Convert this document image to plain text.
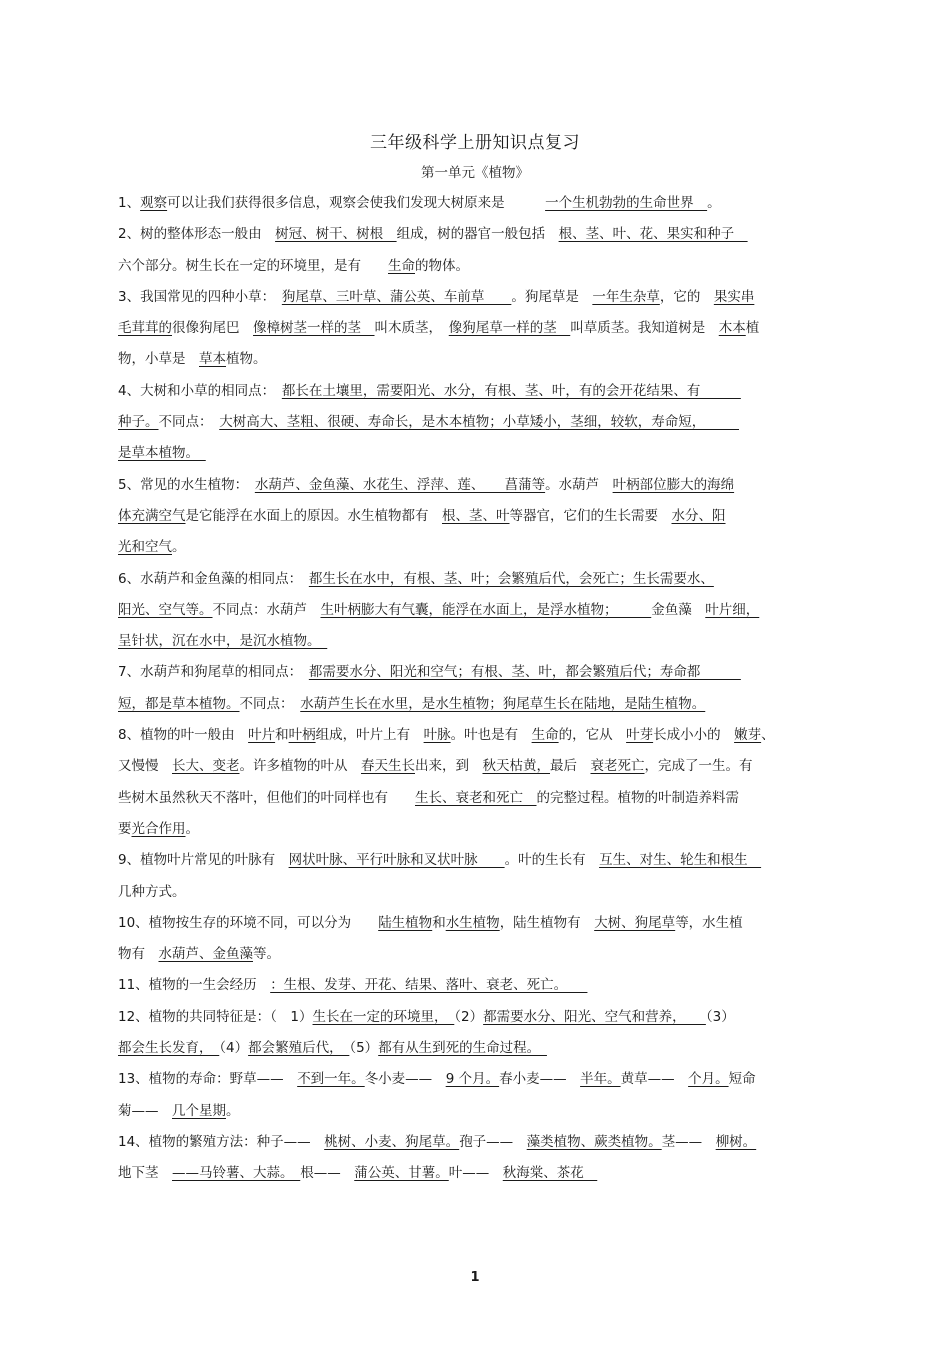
三年级科学上册知识点复习
第一单元《植物》

1、观察可以让我们获得很多信息，观察会使我们发现大树原来是　　　一个生机勃勃的生命世界　。

2、树的整体形态一般由　树冠、树干、树根　组成，树的器官一般包括　根、茎、叶、花、果实和种子　

六个部分。树生长在一定的环境里，是有　　生命的物体。

3、我国常见的四种小草：　狗尾草、三叶草、蒲公英、车前草　　。狗尾草是　一年生杂草，它的　果实串

毛茸茸的很像狗尾巴　像樟树茎一样的茎　叫木质茎，　像狗尾草一样的茎　叫草质茎。我知道树是　木本植

物，小草是　草本植物。

4、大树和小草的相同点：　都长在土壤里，需要阳光、水分，有根、茎、叶，有的会开花结果、有　　　

种子。不同点：　大树高大、茎粗、很硬、寿命长，是木本植物；小草矮小，茎细，较软，寿命短，　　　

是草本植物。　

5、常见的水生植物：　水葫芦、金鱼藻、水花生、浮萍、莲、　　菖蒲等。水葫芦　叶柄部位膨大的海绵

体充满空气是它能浮在水面上的原因。水生植物都有　根、茎、叶等器官，它们的生长需要　水分、阳

光和空气。

6、水葫芦和金鱼藻的相同点：　都生长在水中，有根、茎、叶；会繁殖后代，会死亡；生长需要水、

阳光、空气等。不同点：水葫芦　生叶柄膨大有气囊，能浮在水面上，是浮水植物；　　　金鱼藻　叶片细，

呈针状，沉在水中，是沉水植物。　

7、水葫芦和狗尾草的相同点：　都需要水分、阳光和空气；有根、茎、叶，都会繁殖后代；寿命都　　　

短，都是草本植物。不同点：　水葫芦生长在水里，是水生植物；狗尾草生长在陆地，是陆生植物。

8、植物的叶一般由　叶片和叶柄组成，叶片上有　叶脉。叶也是有　生命的，它从　叶芽长成小小的　嫩芽、

又慢慢　长大、变老。许多植物的叶从　春天生长出来，到　秋天枯黄，最后　衰老死亡，完成了一生。有

些树木虽然秋天不落叶，但他们的叶同样也有　　生长、衰老和死亡　的完整过程。植物的叶制造养料需

要光合作用。

9、植物叶片常见的叶脉有　网状叶脉、平行叶脉和叉状叶脉　　。叶的生长有　互生、对生、轮生和根生　

几种方式。

10、植物按生存的环境不同，可以分为　　陆生植物和水生植物，陆生植物有　大树、狗尾草等，水生植

物有　水葫芦、金鱼藻等。

11、植物的一生会经历　：生根、发芽、开花、结果、落叶、衰老、死亡。　　

12、植物的共同特征是：（　1）生长在一定的环境里，　（2）都需要水分、阳光、空气和营养，　　（3）

都会生长发育，　（4）都会繁殖后代，　（5）都有从生到死的生命过程。　

13、植物的寿命：野草——　不到一年。冬小麦——　9 个月。春小麦——　半年。黄草——　个月。短命

菊——　几个星期。

14、植物的繁殖方法：种子——　桃树、小麦、狗尾草。孢子——　藻类植物、蕨类植物。茎——　柳树。

地下茎　——马铃薯、大蒜。　根——　蒲公英、甘薯。叶——　秋海棠、茶花　

1
